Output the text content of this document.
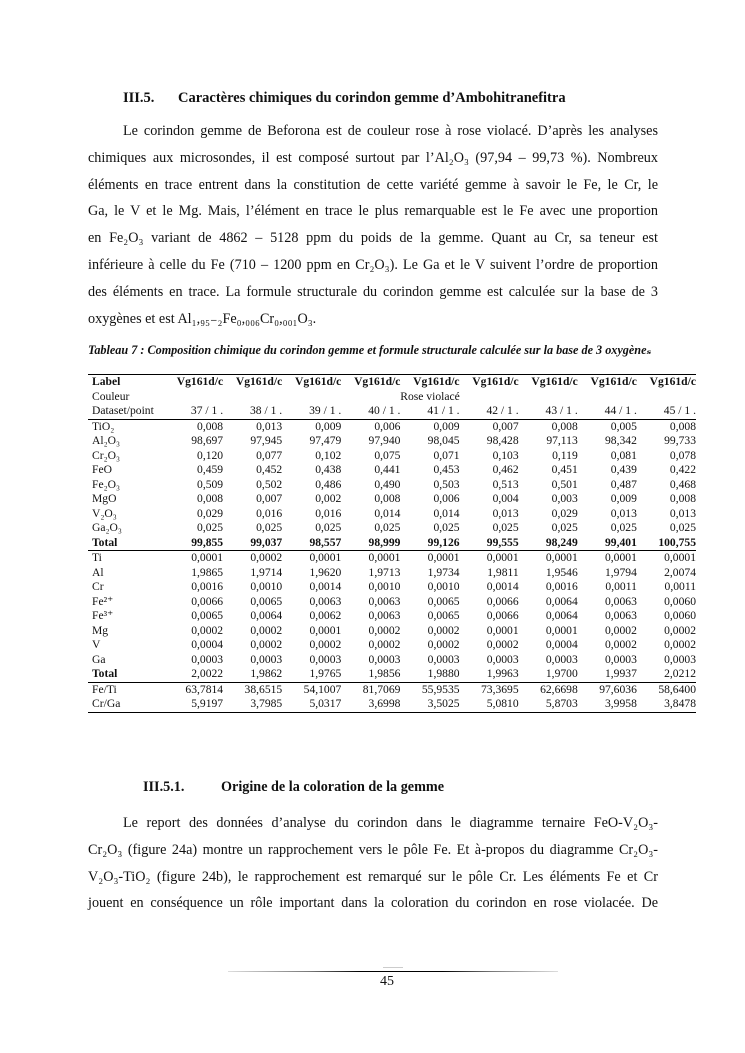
III.5. Caractères chimiques du corindon gemme d’Ambohitranefitra
Le corindon gemme de Beforona est de couleur rose à rose violacé. D’après les analyses
chimiques aux microsondes, il est composé surtout par l’Al₂O₃ (97,94 – 99,73 %). Nombreux
éléments en trace entrent dans la constitution de cette variété gemme à savoir le Fe, le Cr, le
Ga, le V et le Mg. Mais, l’élément en trace le plus remarquable est le Fe avec une proportion
en Fe₂O₃ variant de 4862 – 5128 ppm du poids de la gemme. Quant au Cr, sa teneur est
inférieure à celle du Fe (710 – 1200 ppm en Cr₂O₃). Le Ga et le V suivent l’ordre de proportion
des éléments en trace. La formule structurale du corindon gemme est calculée sur la base de 3
oxygènes et est Al₁,₉₅₋₂Fe₀,₀₀₆Cr₀,₀₀₁O₃.
Tableau 7 : Composition chimique du corindon gemme et formule structurale calculée sur la base de 3 oxygèneₛ
Label	Vg161d/c	Vg161d/c	Vg161d/c	Vg161d/c	Vg161d/c	Vg161d/c	Vg161d/c	Vg161d/c	Vg161d/c
Couleur	Rose violacé								
Dataset/point	37 / 1 .	38 / 1 .	39 / 1 .	40 / 1 .	41 / 1 .	42 / 1 .	43 / 1 .	44 / 1 .	45 / 1 .
TiO₂	0,008	0,013	0,009	0,006	0,009	0,007	0,008	0,005	0,008
Al₂O₃	98,697	97,945	97,479	97,940	98,045	98,428	97,113	98,342	99,733
Cr₂O₃	0,120	0,077	0,102	0,075	0,071	0,103	0,119	0,081	0,078
FeO	0,459	0,452	0,438	0,441	0,453	0,462	0,451	0,439	0,422
Fe₂O₃	0,509	0,502	0,486	0,490	0,503	0,513	0,501	0,487	0,468
MgO	0,008	0,007	0,002	0,008	0,006	0,004	0,003	0,009	0,008
V₂O₃	0,029	0,016	0,016	0,014	0,014	0,013	0,029	0,013	0,013
Ga₂O₃	0,025	0,025	0,025	0,025	0,025	0,025	0,025	0,025	0,025
Total	99,855	99,037	98,557	98,999	99,126	99,555	98,249	99,401	100,755
Ti	0,0001	0,0002	0,0001	0,0001	0,0001	0,0001	0,0001	0,0001	0,0001
Al	1,9865	1,9714	1,9620	1,9713	1,9734	1,9811	1,9546	1,9794	2,0074
Cr	0,0016	0,0010	0,0014	0,0010	0,0010	0,0014	0,0016	0,0011	0,0011
Fe²⁺	0,0066	0,0065	0,0063	0,0063	0,0065	0,0066	0,0064	0,0063	0,0060
Fe³⁺	0,0065	0,0064	0,0062	0,0063	0,0065	0,0066	0,0064	0,0063	0,0060
Mg	0,0002	0,0002	0,0001	0,0002	0,0002	0,0001	0,0001	0,0002	0,0002
V	0,0004	0,0002	0,0002	0,0002	0,0002	0,0002	0,0004	0,0002	0,0002
Ga	0,0003	0,0003	0,0003	0,0003	0,0003	0,0003	0,0003	0,0003	0,0003
Total	2,0022	1,9862	1,9765	1,9856	1,9880	1,9963	1,9700	1,9937	2,0212
Fe/Ti	63,7814	38,6515	54,1007	81,7069	55,9535	73,3695	62,6698	97,6036	58,6400
Cr/Ga	5,9197	3,7985	5,0317	3,6998	3,5025	5,0810	5,8703	3,9958	3,8478
III.5.1.	Origine de la coloration de la gemme
Le report des données d’analyse du corindon dans le diagramme ternaire FeO-V₂O₃-
Cr₂O₃ (figure 24a) montre un rapprochement vers le pôle Fe. Et à-propos du diagramme Cr₂O₃-
V₂O₃-TiO₂ (figure 24b), le rapprochement est remarqué sur le pôle Cr. Les éléments Fe et Cr
jouent en conséquence un rôle important dans la coloration du corindon en rose violacée. De
45
